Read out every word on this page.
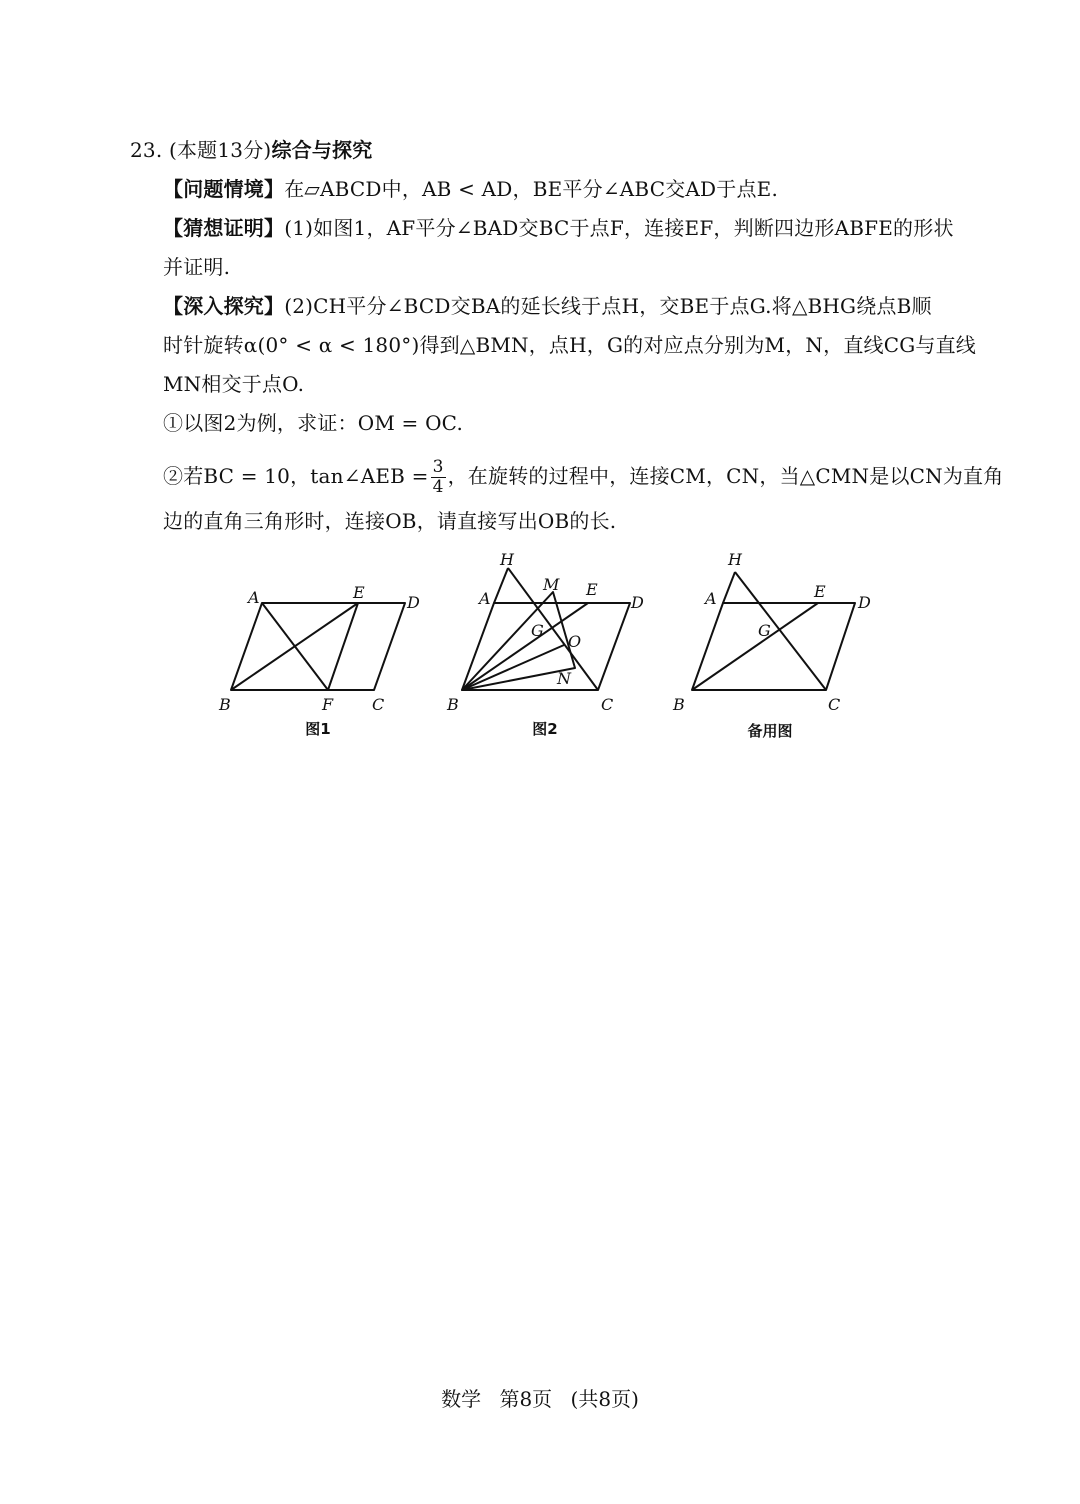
23. (本题13分)综合与探究
【问题情境】在▱ABCD中，AB < AD，BE平分∠ABC交AD于点E.
【猜想证明】(1)如图1，AF平分∠BAD交BC于点F，连接EF，判断四边形ABFE的形状
并证明.
【深入探究】(2)CH平分∠BCD交BA的延长线于点H，交BE于点G.将△BHG绕点B顺
时针旋转α(0° < α < 180°)得到△BMN，点H，G的对应点分别为M，N，直线CG与直线
MN相交于点O.
①以图2为例，求证：OM = OC.
②若BC = 10，tan∠AEB = $\frac{3}{4}$ ，在旋转的过程中，连接CM，CN，当△CMN是以CN为直角
边的直角三角形时，连接OB，请直接写出OB的长.
A	E
D
B	F C
H
A
M E
D
G
O
N
B	C
H
A	E
D
G
B	C
图1	图2	备用图
数学 第8页 (共8页)
